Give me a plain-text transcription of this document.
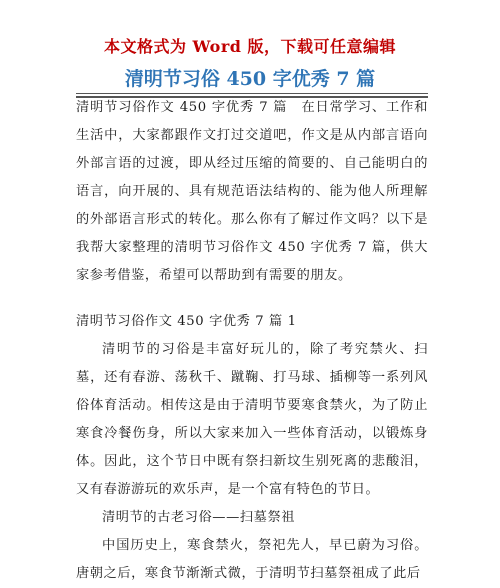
本文格式为 Word 版，下载可任意编辑
清明节习俗 450 字优秀 7 篇

清明节习俗作文 450 字优秀 7 篇　在日常学习、工作和生活中，大家都跟作文打过交道吧，作文是从内部言语向外部言语的过渡，即从经过压缩的简要的、自己能明白的语言，向开展的、具有规范语法结构的、能为他人所理解的外部语言形式的转化。那么你有了解过作文吗？以下是我帮大家整理的清明节习俗作文 450 字优秀 7 篇，供大家参考借鉴，希望可以帮助到有需要的朋友。

清明节习俗作文 450 字优秀 7 篇 1

清明节的习俗是丰富好玩儿的，除了考究禁火、扫墓，还有春游、荡秋千、蹴鞠、打马球、插柳等一系列风俗体育活动。相传这是由于清明节要寒食禁火，为了防止寒食冷餐伤身，所以大家来加入一些体育活动，以锻炼身体。因此，这个节日中既有祭扫新坟生别死离的悲酸泪，又有春游游玩的欢乐声，是一个富有特色的节日。

清明节的古老习俗——扫墓祭祖

中国历史上，寒食禁火，祭祀先人，早已蔚为习俗。唐朝之后，寒食节渐渐式微，于清明节扫墓祭祖成了此后
